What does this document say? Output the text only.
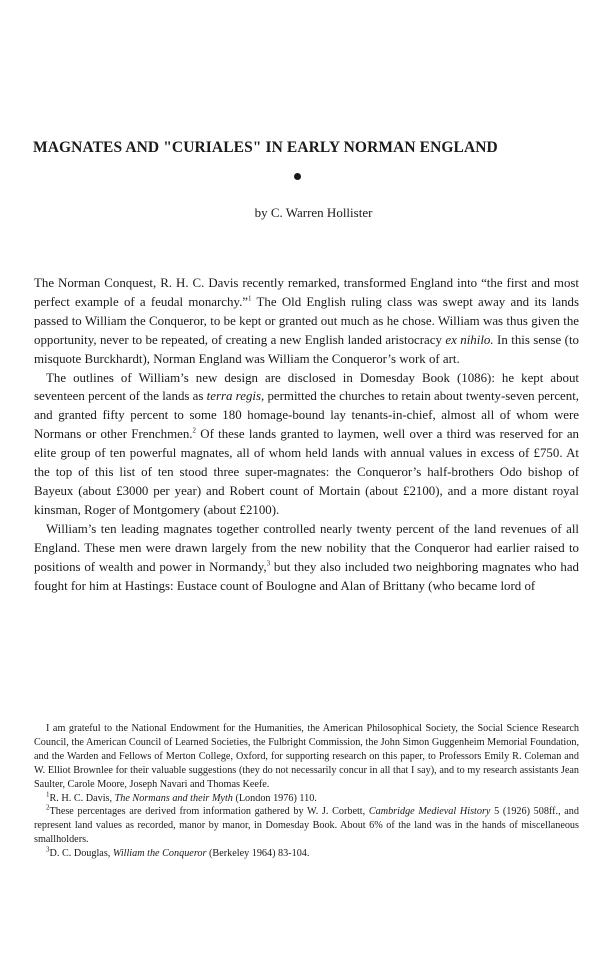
MAGNATES AND "CURIALES" IN EARLY NORMAN ENGLAND
by C. Warren Hollister

The Norman Conquest, R. H. C. Davis recently remarked, transformed England into “the first and most perfect example of a feudal monarchy.”$^1$ The Old English ruling class was swept away and its lands passed to William the Conqueror, to be kept or granted out much as he chose. William was thus given the opportunity, never to be repeated, of creating a new English landed aristocracy ex nihilo. In this sense (to misquote Burckhardt), Norman England was William the Conqueror’s work of art.

The outlines of William’s new design are disclosed in Domesday Book (1086): he kept about seventeen percent of the lands as terra regis, permitted the churches to retain about twenty-seven percent, and granted fifty percent to some 180 homage-bound lay tenants-in-chief, almost all of whom were Normans or other Frenchmen.$^2$ Of these lands granted to laymen, well over a third was reserved for an elite group of ten powerful magnates, all of whom held lands with annual values in excess of £750. At the top of this list of ten stood three super-magnates: the Conqueror’s half-brothers Odo bishop of Bayeux (about £3000 per year) and Robert count of Mortain (about £2100), and a more distant royal kinsman, Roger of Montgomery (about £2100).

William’s ten leading magnates together controlled nearly twenty percent of the land revenues of all England. These men were drawn largely from the new nobility that the Conqueror had earlier raised to positions of wealth and power in Normandy,$^3$ but they also included two neighboring magnates who had fought for him at Hastings: Eustace count of Boulogne and Alan of Brittany (who became lord of

I am grateful to the National Endowment for the Humanities, the American Philosophical Society, the Social Science Research Council, the American Council of Learned Societies, the Fulbright Commission, the John Simon Guggenheim Memorial Foundation, and the Warden and Fellows of Merton College, Oxford, for supporting research on this paper, to Professors Emily R. Coleman and W. Elliot Brownlee for their valuable suggestions (they do not necessarily concur in all that I say), and to my research assistants Jean Saulter, Carole Moore, Joseph Navari and Thomas Keefe.

$^1$R. H. C. Davis, The Normans and their Myth (London 1976) 110.

$^2$These percentages are derived from information gathered by W. J. Corbett, Cambridge Medieval History 5 (1926) 508ff., and represent land values as recorded, manor by manor, in Domesday Book. About 6% of the land was in the hands of miscellaneous smallholders.

$^3$D. C. Douglas, William the Conqueror (Berkeley 1964) 83-104.
